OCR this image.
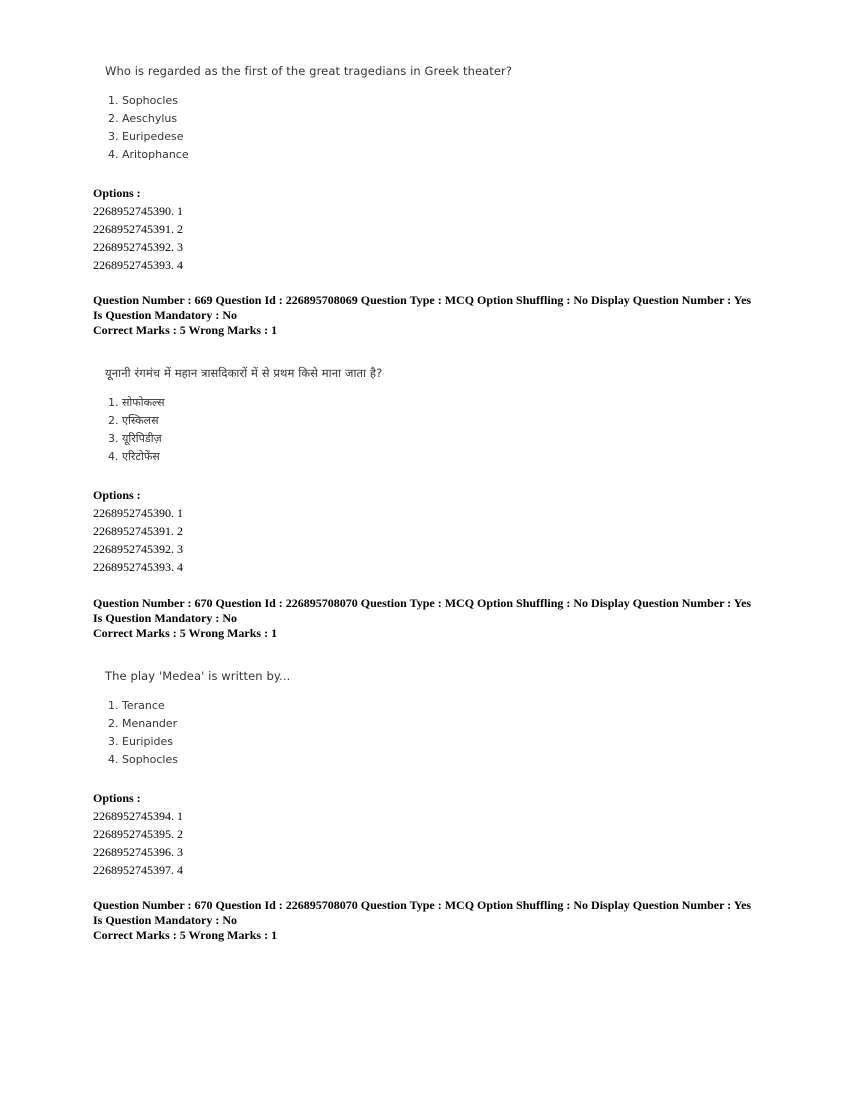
Who is regarded as the first of the great tragedians in Greek theater?
1. Sophocles
2. Aeschylus
3. Euripedese
4. Aritophance
Options :
2268952745390. 1
2268952745391. 2
2268952745392. 3
2268952745393. 4

Question Number : 669 Question Id : 226895708069 Question Type : MCQ Option Shuffling : No Display Question Number : Yes Is Question Mandatory : No

Correct Marks : 5 Wrong Marks : 1

यूनानी रंगमंच में महान त्रासदिकारों में से प्रथम किसे माना जाता है?
1. सोफोकल्स
2. एस्किलस
3. यूरिपिडीज़
4. एरिटोफेंस
Options :
2268952745390. 1
2268952745391. 2
2268952745392. 3
2268952745393. 4

Question Number : 670 Question Id : 226895708070 Question Type : MCQ Option Shuffling : No Display Question Number : Yes Is Question Mandatory : No

Correct Marks : 5 Wrong Marks : 1

The play 'Medea' is written by...
1. Terance
2. Menander
3. Euripides
4. Sophocles
Options :
2268952745394. 1
2268952745395. 2
2268952745396. 3
2268952745397. 4

Question Number : 670 Question Id : 226895708070 Question Type : MCQ Option Shuffling : No Display Question Number : Yes Is Question Mandatory : No

Correct Marks : 5 Wrong Marks : 1
